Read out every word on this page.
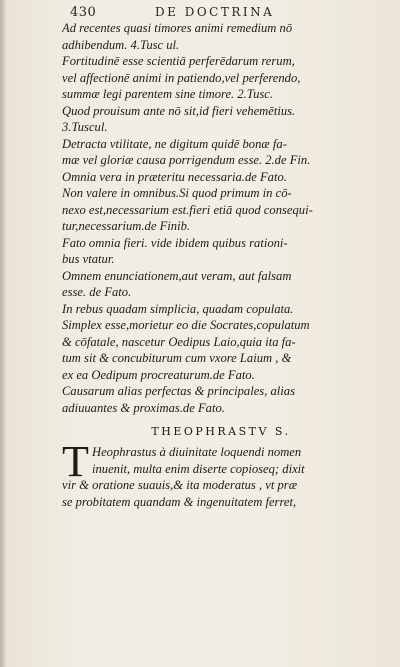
430	DE DOCTRINA
Ad recentes quasi timores animi remedium nō
adhibendum. 4.Tusc ul.
Fortitudinē esse scientiā perferēdarum rerum,
vel affectionē animi in patiendo,vel perferendo,
summæ legi parentem sine timore. 2.Tusc.
Quod prouisum ante nō sit,id fieri vehemētius.
3.Tuscul.
Detracta vtilitate, ne digitum quidē bonæ fa-
mæ vel gloriæ causa porrigendum esse. 2.de Fin.
Omnia vera in præteritu necessaria.de Fato.
Non valere in omnibus.Si quod primum in cō-
nexo est,necessarium est.fieri etiā quod consequi-
tur,necessarium.de Finib.
Fato omnia fieri. vide ibidem quibus rationi-
bus vtatur.
Omnem enunciationem,aut veram, aut falsam
esse. de Fato.
In rebus quadam simplicia, quadam copulata.
Simplex esse,morietur eo die Socrates,copulatum
& cōfatale, nascetur Oedipus Laio,quia ita fa-
tum sit & concubiturum cum vxore Laium , &
ex ea Oedipum procreaturum.de Fato.
Causarum alias perfectas & principales, alias
adiuuantes & proximas.de Fato.
THEOPHRASTV S.
T Heophrastus à diuinitate loquendi nomen
inuenit, multa enim diserte copioseq; dixit
vir & oratione suauis,& ita moderatus , vt præ
se probitatem quandam & ingenuitatem ferret,
